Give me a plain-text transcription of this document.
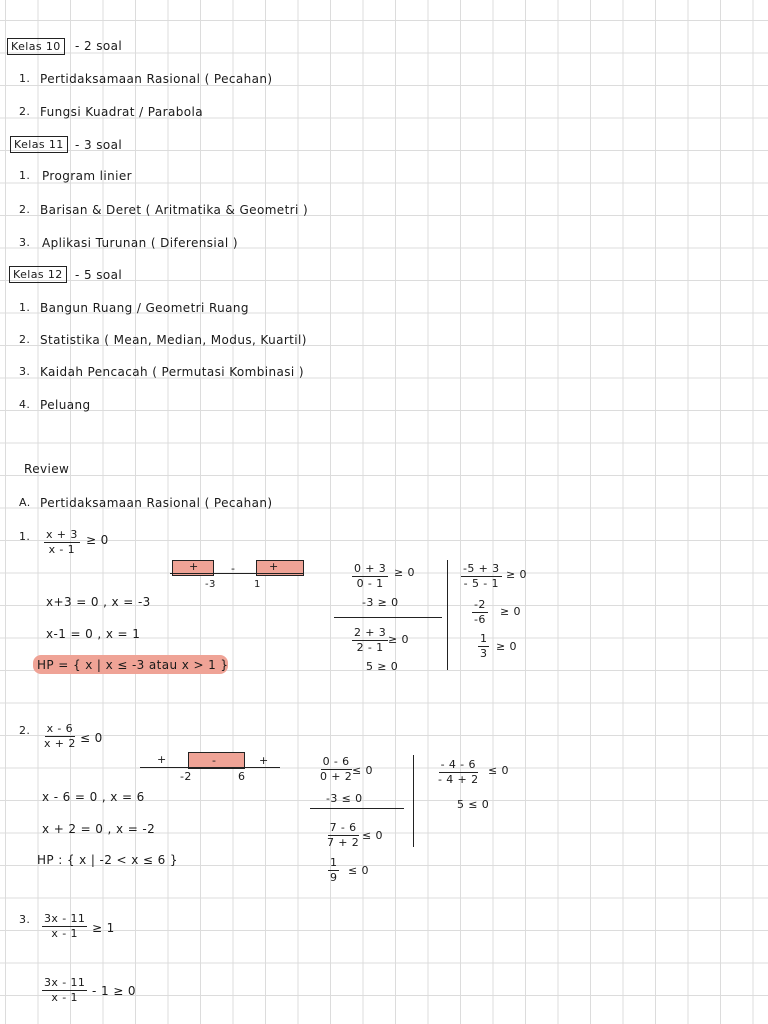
Kelas 10	- 2 soal
1. Pertidaksamaan Rasional ( Pecahan)
2. Fungsi Kuadrat / Parabola
Kelas 11 - 3 soal
1. Program linier
2. Barisan & Deret ( Aritmatika & Geometri )
3. Aplikasi Turunan ( Diferensial )
Kelas 12	- 5 soal
1. Bangun Ruang / Geometri Ruang
2. Statistika ( Mean, Median, Modus, Kuartil)
3. Kaidah Pencacah ( Permutasi Kombinasi )
4. Peluang
Review
A. Pertidaksamaan Rasional ( Pecahan)
1. $\frac{x + 3}{x - 1} \ge 0$
+	-	+
-3	1
x+3 = 0 , x = -3
x-1 = 0 , x = 1
HP = { x | x ≤ -3 atau x > 1 }
$\frac{0 + 3}{0 - 1} \ge 0$
-3 ≥ 0
$\frac{2 + 3}{2 - 1} \ge 0$
5 ≥ 0
$\frac{-5 + 3}{- 5 - 1} \ge 0$
$\frac{-2}{-6} \ge 0$
$\frac{1}{3} \ge 0$
2. $\frac{x - 6}{x + 2} \le 0$
+	-	+
-2	6
x - 6 = 0 , x = 6
x + 2 = 0 , x = -2
HP : { x | -2 < x ≤ 6 }
$\frac{0 - 6}{0 + 2}$
≤ 0
-3 ≤ 0
$\frac{7 - 6}{7 + 2} \le 0$
$\frac{1}{9} \le 0$
$\frac{- 4 - 6}{- 4 + 2} \le 0$
5 ≤ 0
3. $\frac{3x - 11}{x - 1} \ge 1$
$\frac{3x - 11}{x - 1} - 1 \ge 0$
